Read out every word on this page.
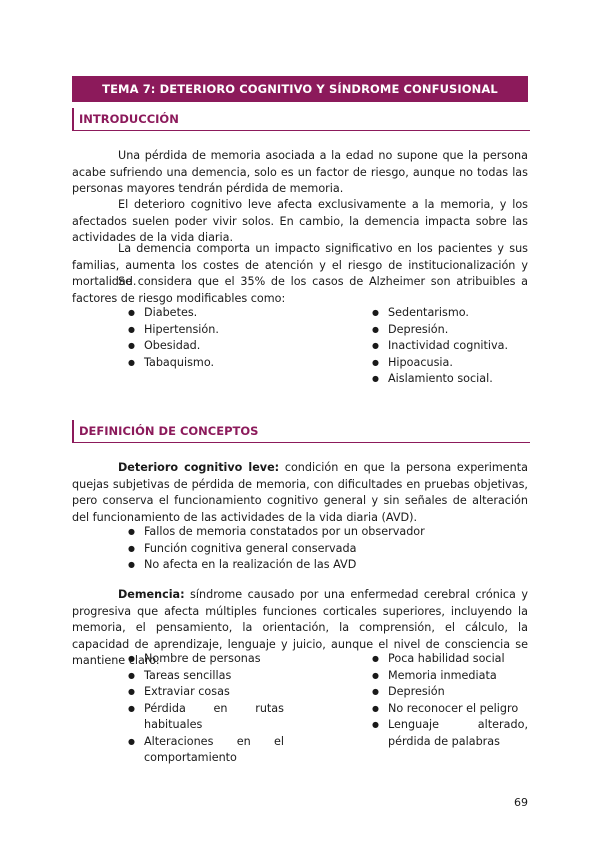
TEMA 7: DETERIORO COGNITIVO Y SÍNDROME CONFUSIONAL
INTRODUCCIÓN

Una pérdida de memoria asociada a la edad no supone que la persona acabe sufriendo una demencia, solo es un factor de riesgo, aunque no todas las personas mayores tendrán pérdida de memoria.

El deterioro cognitivo leve afecta exclusivamente a la memoria, y los afectados suelen poder vivir solos. En cambio, la demencia impacta sobre las actividades de la vida diaria.

La demencia comporta un impacto significativo en los pacientes y sus familias, aumenta los costes de atención y el riesgo de institucionalización y mortalidad.

Se considera que el 35% de los casos de Alzheimer son atribuibles a factores de riesgo modificables como:

● Diabetes.
● Hipertensión.
● Obesidad.
● Tabaquismo.
● Sedentarismo.
● Depresión.
● Inactividad cognitiva.
● Hipoacusia.
● Aislamiento social.
DEFINICIÓN DE CONCEPTOS

Deterioro cognitivo leve: condición en que la persona experimenta quejas subjetivas de pérdida de memoria, con dificultades en pruebas objetivas, pero conserva el funcionamiento cognitivo general y sin señales de alteración del funcionamiento de las actividades de la vida diaria (AVD).

● Fallos de memoria constatados por un observador
● Función cognitiva general conservada
● No afecta en la realización de las AVD

Demencia: síndrome causado por una enfermedad cerebral crónica y progresiva que afecta múltiples funciones corticales superiores, incluyendo la memoria, el pensamiento, la orientación, la comprensión, el cálculo, la capacidad de aprendizaje, lenguaje y juicio, aunque el nivel de consciencia se mantiene claro.

● Nombre de personas
● Tareas sencillas
● Extraviar cosas
● Pérdida en rutas habituales
● Alteraciones en el comportamiento
● Poca habilidad social
● Memoria inmediata
● Depresión
● No reconocer el peligro
● Lenguaje alterado, pérdida de palabras
69
